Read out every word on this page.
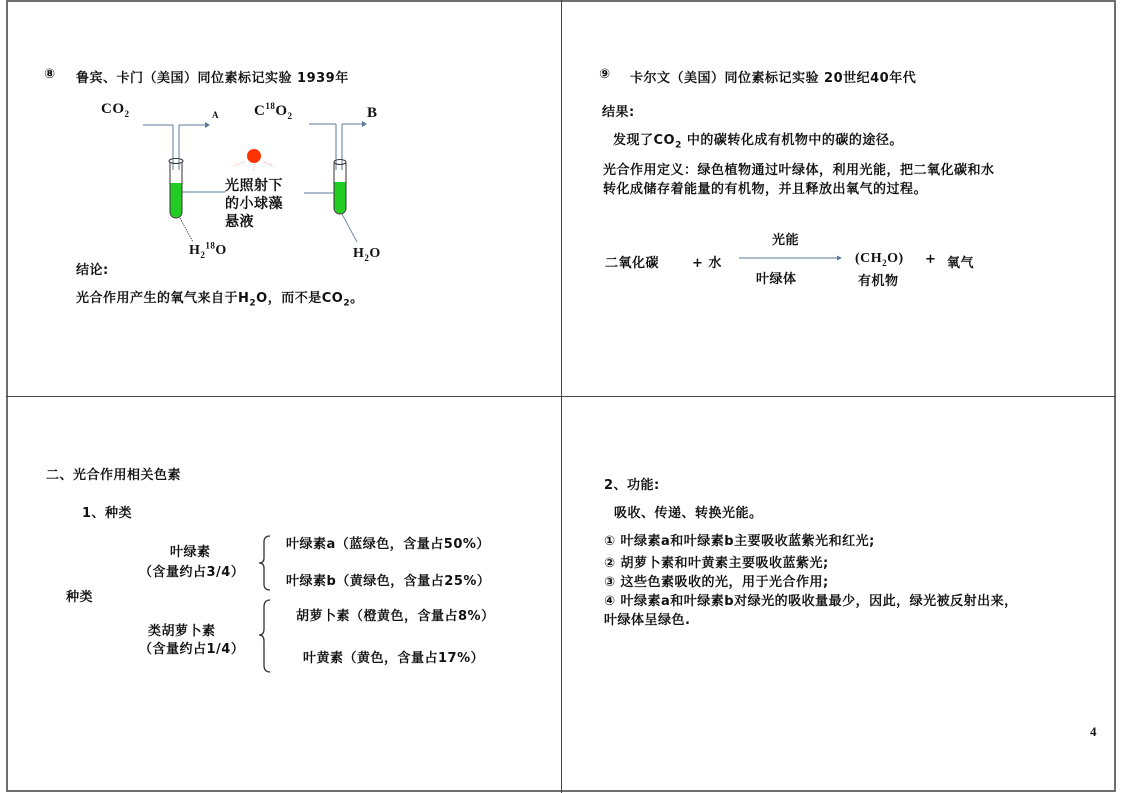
⑧ 鲁宾、卡门（美国）同位素标记实验 1939年
$CO_2$	A $C^{18}O_2$	B
光照射下
的小球藻
悬液
$H_2^{18}O$	$H_2O$
结论:
光合作用产生的氧气来自于$H_2O$，而不是$CO_2$。
⑨ 卡尔文（美国）同位素标记实验 20世纪40年代
结果:
发现了$CO_2$ 中的碳转化成有机物中的碳的途径。
光合作用定义：绿色植物通过叶绿体，利用光能，把二氧化碳和水
转化成储存着能量的有机物，并且释放出氧气的过程。
二氧化碳	+ 水
光能
叶绿体
$(CH_2O)$
有机物
+ 氧气
二、光合作用相关色素
1、种类
种类
叶绿素
（含量约占3/4）
叶绿素a（蓝绿色，含量占50%）
叶绿素b（黄绿色，含量占25%）
类胡萝卜素
（含量约占1/4）
胡萝卜素（橙黄色，含量占8%）
叶黄素（黄色，含量占17%）
2、功能:
吸收、传递、转换光能。
① 叶绿素a和叶绿素b主要吸收蓝紫光和红光;
② 胡萝卜素和叶黄素主要吸收蓝紫光;
③ 这些色素吸收的光，用于光合作用;
④ 叶绿素a和叶绿素b对绿光的吸收量最少，因此，绿光被反射出来，
叶绿体呈绿色.
4
